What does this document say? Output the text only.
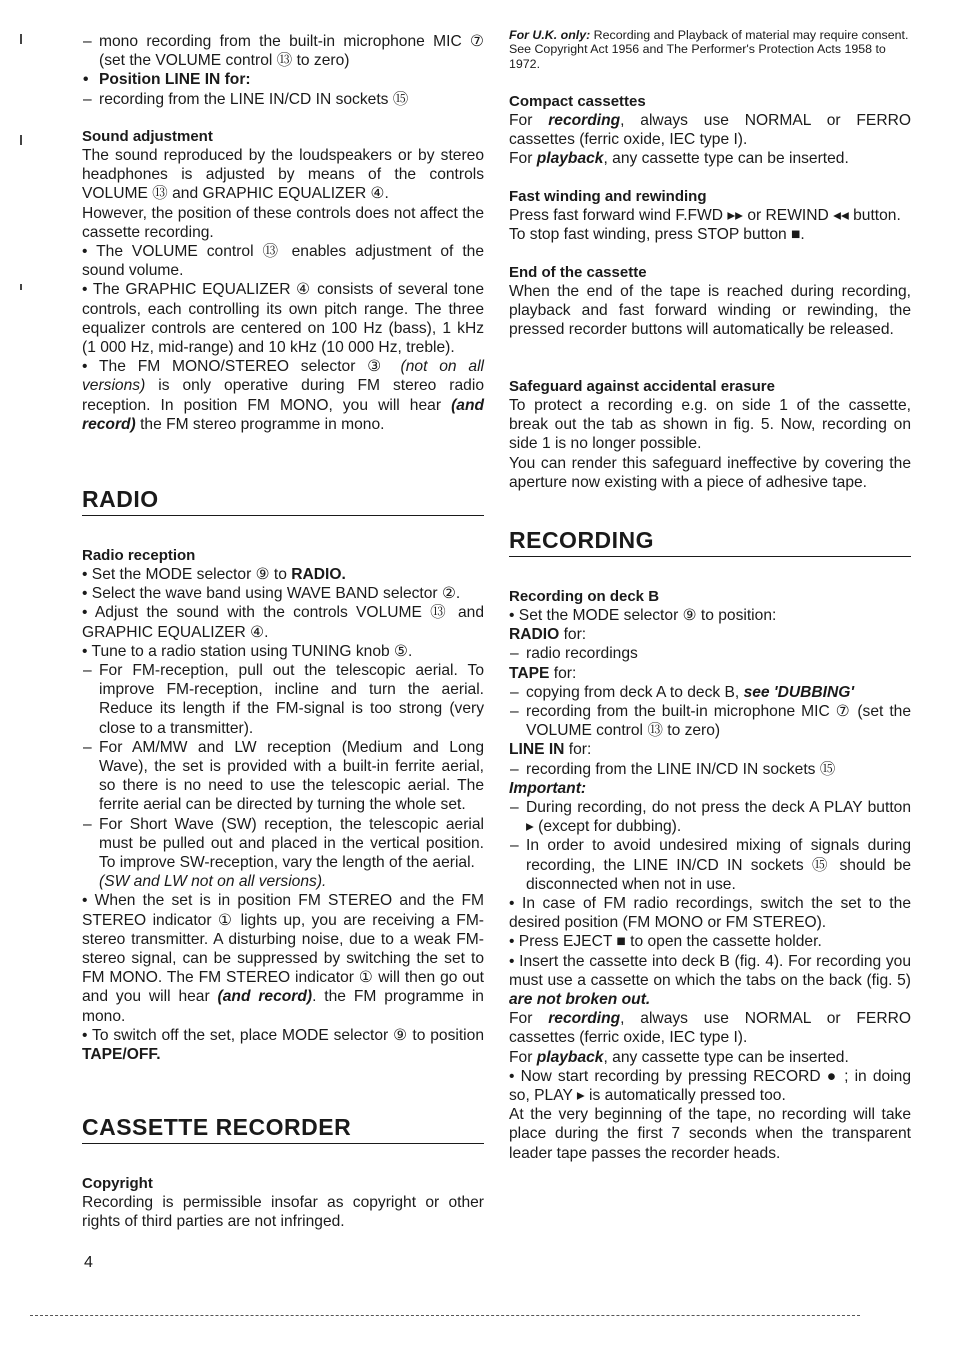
– mono recording from the built-in microphone MIC ⑦ (set the VOLUME control ⑬ to zero)
• Position LINE IN for:
– recording from the LINE IN/CD IN sockets ⑮
Sound adjustment
The sound reproduced by the loudspeakers or by stereo headphones is adjusted by means of the controls VOLUME ⑬ and GRAPHIC EQUALIZER ④.
However, the position of these controls does not affect the cassette recording.
• The VOLUME control ⑬ enables adjustment of the sound volume.
• The GRAPHIC EQUALIZER ④ consists of several tone controls, each controlling its own pitch range. The three equalizer controls are centered on 100 Hz (bass), 1 kHz (1 000 Hz, mid-range) and 10 kHz (10 000 Hz, treble).
• The FM MONO/STEREO selector ③ (not on all versions) is only operative during FM stereo radio reception. In position FM MONO, you will hear (and record) the FM stereo programme in mono.
RADIO
Radio reception
• Set the MODE selector ⑨ to RADIO.
• Select the wave band using WAVE BAND selector ②.
• Adjust the sound with the controls VOLUME ⑬ and GRAPHIC EQUALIZER ④.
• Tune to a radio station using TUNING knob ⑤.
– For FM-reception, pull out the telescopic aerial. To improve FM-reception, incline and turn the aerial. Reduce its length if the FM-signal is too strong (very close to a transmitter).
– For AM/MW and LW reception (Medium and Long Wave), the set is provided with a built-in ferrite aerial, so there is no need to use the telescopic aerial. The ferrite aerial can be directed by turning the whole set.
– For Short Wave (SW) reception, the telescopic aerial must be pulled out and placed in the vertical position. To improve SW-reception, vary the length of the aerial.
(SW and LW not on all versions).
• When the set is in position FM STEREO and the FM STEREO indicator ① lights up, you are receiving a FM-stereo transmitter. A disturbing noise, due to a weak FM-stereo signal, can be suppressed by switching the set to FM MONO. The FM STEREO indicator ① will then go out and you will hear (and record). the FM programme in mono.
• To switch off the set, place MODE selector ⑨ to position TAPE/OFF.
CASSETTE RECORDER
Copyright
Recording is permissible insofar as copyright or other rights of third parties are not infringed.
For U.K. only: Recording and Playback of material may require consent. See Copyright Act 1956 and The Performer's Protection Acts 1958 to 1972.
Compact cassettes
For recording, always use NORMAL or FERRO cassettes (ferric oxide, IEC type I).
For playback, any cassette type can be inserted.
Fast winding and rewinding
Press fast forward wind F.FWD ▸▸ or REWIND ◂◂ button.
To stop fast winding, press STOP button ■.
End of the cassette
When the end of the tape is reached during recording, playback and fast forward winding or rewinding, the pressed recorder buttons will automatically be released.
Safeguard against accidental erasure
To protect a recording e.g. on side 1 of the cassette, break out the tab as shown in fig. 5. Now, recording on side 1 is no longer possible.
You can render this safeguard ineffective by covering the aperture now existing with a piece of adhesive tape.
RECORDING
Recording on deck B
• Set the MODE selector ⑨ to position:
RADIO for:
– radio recordings
TAPE for:
– copying from deck A to deck B, see 'DUBBING'
– recording from the built-in microphone MIC ⑦ (set the VOLUME control ⑬ to zero)
LINE IN for:
– recording from the LINE IN/CD IN sockets ⑮
Important:
– During recording, do not press the deck A PLAY button ▸ (except for dubbing).
– In order to avoid undesired mixing of signals during recording, the LINE IN/CD IN sockets ⑮ should be disconnected when not in use.
• In case of FM radio recordings, switch the set to the desired position (FM MONO or FM STEREO).
• Press EJECT ■ to open the cassette holder.
• Insert the cassette into deck B (fig. 4). For recording you must use a cassette on which the tabs on the back (fig. 5) are not broken out.
For recording, always use NORMAL or FERRO cassettes (ferric oxide, IEC type I).
For playback, any cassette type can be inserted.
• Now start recording by pressing RECORD ● ; in doing so, PLAY ▸ is automatically pressed too.
At the very beginning of the tape, no recording will take place during the first 7 seconds when the transparent leader tape passes the recorder heads.
4
